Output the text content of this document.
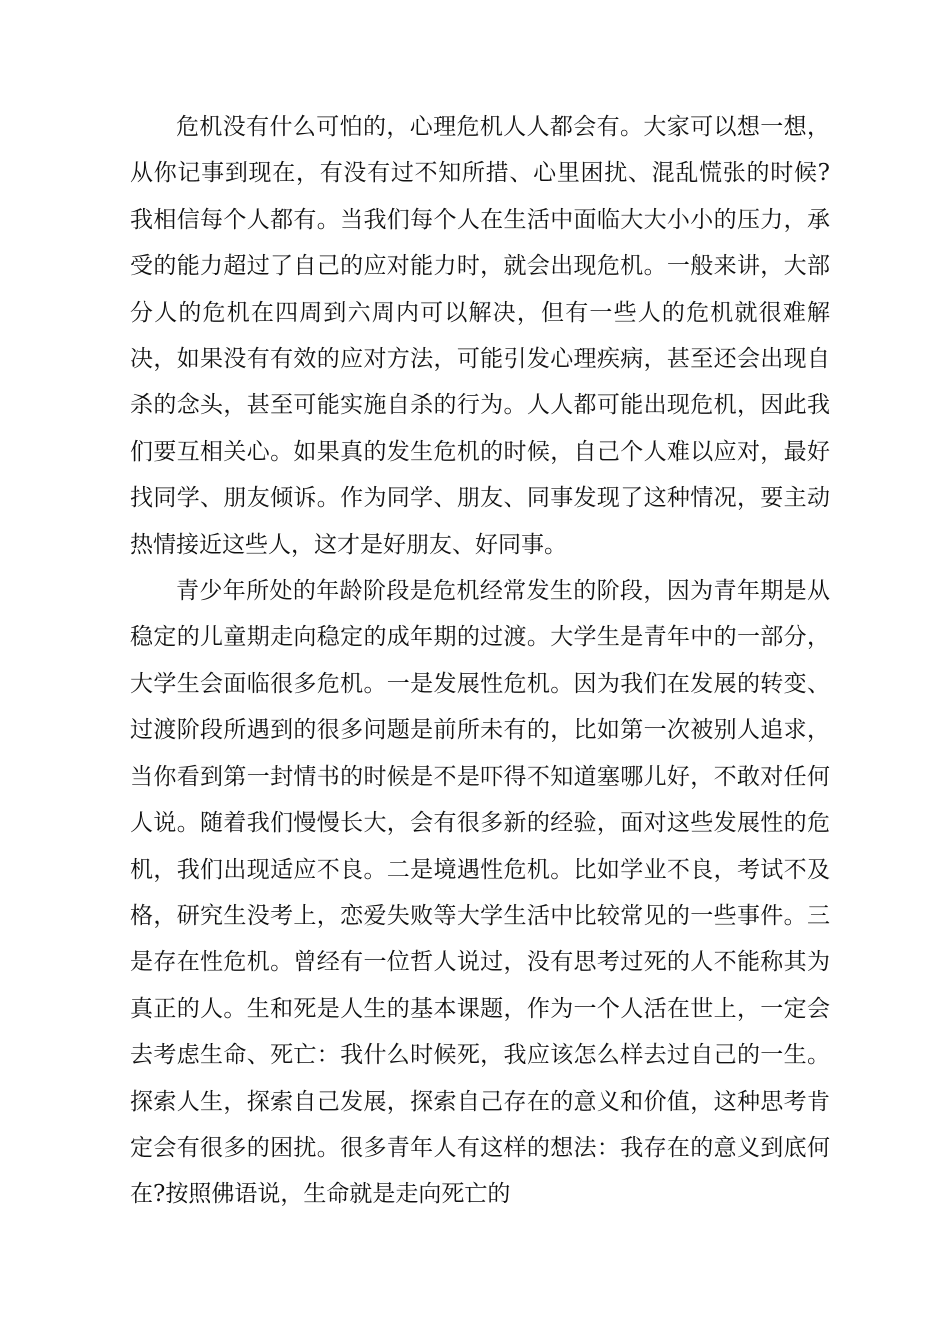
危机没有什么可怕的，心理危机人人都会有。大家可以想一想，从你记事到现在，有没有过不知所措、心里困扰、混乱慌张的时候?我相信每个人都有。当我们每个人在生活中面临大大小小的压力，承受的能力超过了自己的应对能力时，就会出现危机。一般来讲，大部分人的危机在四周到六周内可以解决，但有一些人的危机就很难解决，如果没有有效的应对方法，可能引发心理疾病，甚至还会出现自杀的念头，甚至可能实施自杀的行为。人人都可能出现危机，因此我们要互相关心。如果真的发生危机的时候，自己个人难以应对，最好找同学、朋友倾诉。作为同学、朋友、同事发现了这种情况，要主动热情接近这些人，这才是好朋友、好同事。

青少年所处的年龄阶段是危机经常发生的阶段，因为青年期是从稳定的儿童期走向稳定的成年期的过渡。大学生是青年中的一部分，大学生会面临很多危机。一是发展性危机。因为我们在发展的转变、过渡阶段所遇到的很多问题是前所未有的，比如第一次被别人追求，当你看到第一封情书的时候是不是吓得不知道塞哪儿好，不敢对任何人说。随着我们慢慢长大，会有很多新的经验，面对这些发展性的危机，我们出现适应不良。二是境遇性危机。比如学业不良，考试不及格，研究生没考上，恋爱失败等大学生活中比较常见的一些事件。三是存在性危机。曾经有一位哲人说过，没有思考过死的人不能称其为真正的人。生和死是人生的基本课题，作为一个人活在世上，一定会去考虑生命、死亡：我什么时候死，我应该怎么样去过自己的一生。探索人生，探索自己发展，探索自己存在的意义和价值，这种思考肯定会有很多的困扰。很多青年人有这样的想法：我存在的意义到底何在?按照佛语说，生命就是走向死亡的
